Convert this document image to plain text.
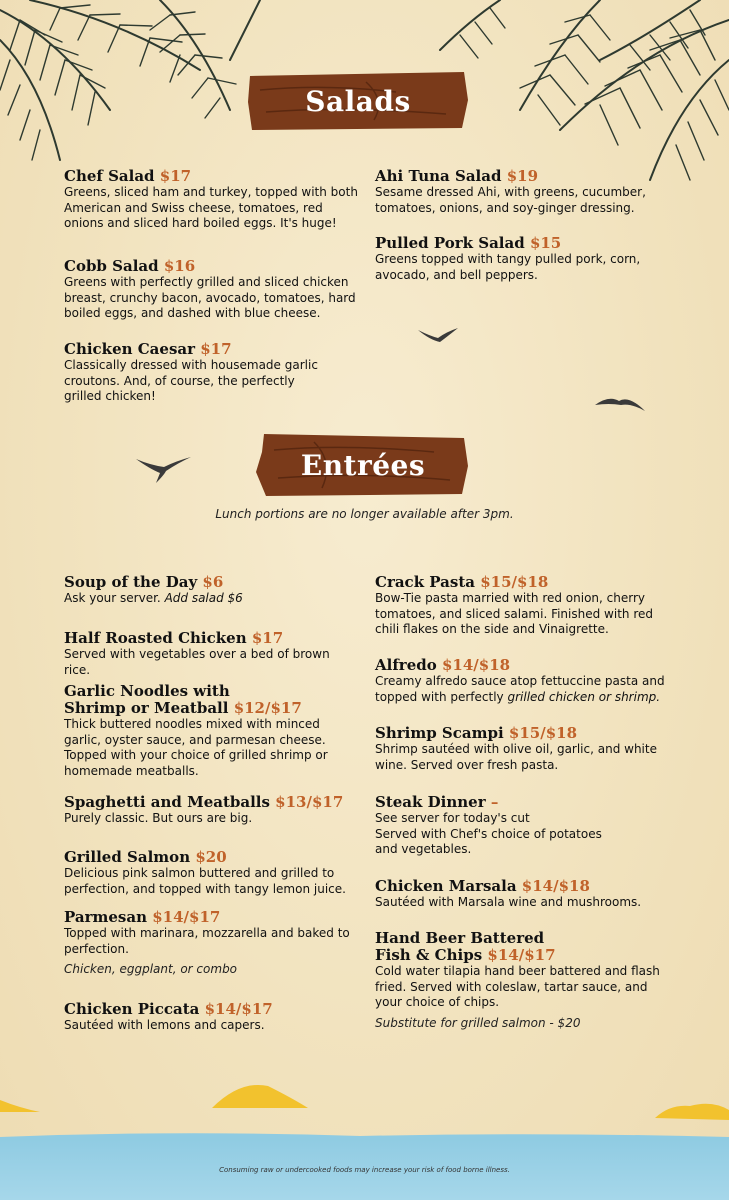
Salads
Chef Salad $17

Greens, sliced ham and turkey, topped with both American and Swiss cheese, tomatoes, red onions and sliced hard boiled eggs. It's huge!

Cobb Salad $16

Greens with perfectly grilled and sliced chicken breast, crunchy bacon, avocado, tomatoes, hard boiled eggs, and dashed with blue cheese.

Chicken Caesar $17

Classically dressed with housemade garlic croutons. And, of course, the perfectly grilled chicken!

Ahi Tuna Salad $19

Sesame dressed Ahi, with greens, cucumber, tomatoes, onions, and soy-ginger dressing.

Pulled Pork Salad $15

Greens topped with tangy pulled pork, corn, avocado, and bell peppers.

Entrées
Lunch portions are no longer available after 3pm.
Soup of the Day $6

Ask your server. Add salad $6

Half Roasted Chicken $17

Served with vegetables over a bed of brown rice.

Garlic Noodles with
Shrimp or Meatball $12/$17

Thick buttered noodles mixed with minced garlic, oyster sauce, and parmesan cheese. Topped with your choice of grilled shrimp or homemade meatballs.

Spaghetti and Meatballs $13/$17

Purely classic. But ours are big.

Grilled Salmon $20

Delicious pink salmon buttered and grilled to perfection, and topped with tangy lemon juice.

Parmesan $14/$17

Topped with marinara, mozzarella and baked to perfection.

Chicken, eggplant, or combo

Chicken Piccata $14/$17

Sautéed with lemons and capers.

Crack Pasta $15/$18

Bow-Tie pasta married with red onion, cherry tomatoes, and sliced salami. Finished with red chili flakes on the side and Vinaigrette.

Alfredo $14/$18

Creamy alfredo sauce atop fettuccine pasta and topped with perfectly grilled chicken or shrimp.

Shrimp Scampi $15/$18

Shrimp sautéed with olive oil, garlic, and white wine. Served over fresh pasta.

Steak Dinner –

See server for today's cut
Served with Chef's choice of potatoes
and vegetables.

Chicken Marsala $14/$18

Sautéed with Marsala wine and mushrooms.

Hand Beer Battered
Fish & Chips $14/$17

Cold water tilapia hand beer battered and flash fried. Served with coleslaw, tartar sauce, and your choice of chips.

Substitute for grilled salmon - $20

Consuming raw or undercooked foods may increase your risk of food borne illness.
